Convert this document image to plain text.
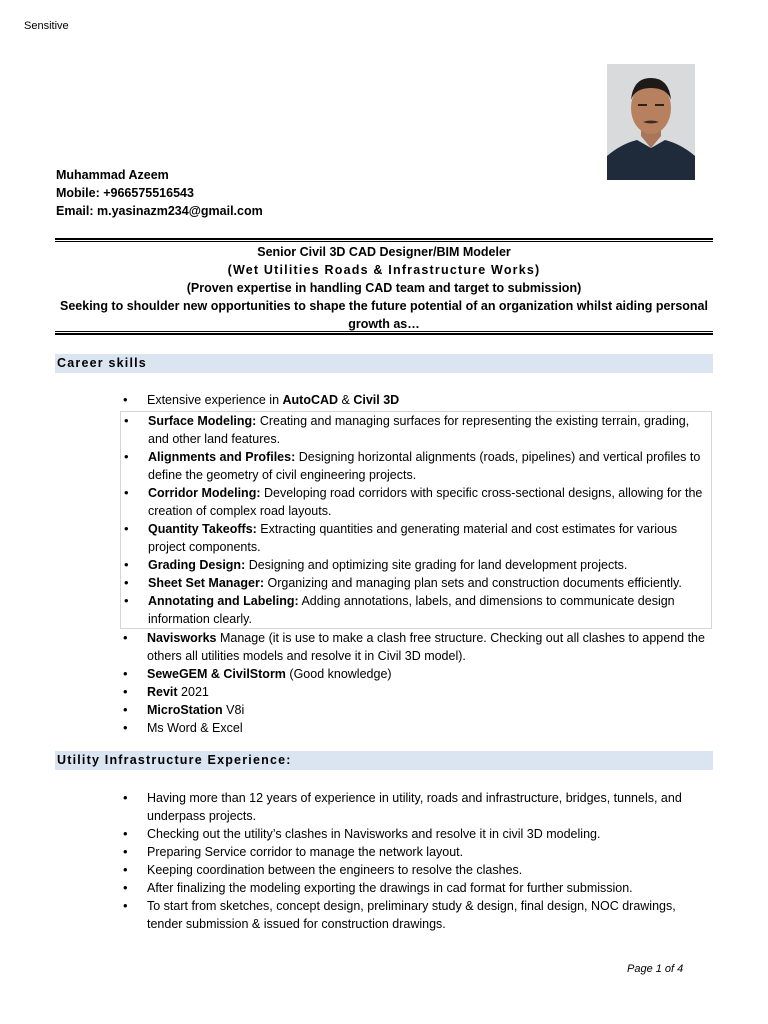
Sensitive
Muhammad Azeem
Mobile: +966575516543
Email: m.yasinazm234@gmail.com
Senior Civil 3D CAD Designer/BIM Modeler
(Wet Utilities Roads & Infrastructure Works)
(Proven expertise in handling CAD team and target to submission)
Seeking to shoulder new opportunities to shape the future potential of an organization whilst aiding personal growth as…
Career skills
• Extensive experience in AutoCAD & Civil 3D
• Surface Modeling: Creating and managing surfaces for representing the existing terrain, grading, and other land features.
• Alignments and Profiles: Designing horizontal alignments (roads, pipelines) and vertical profiles to define the geometry of civil engineering projects.
• Corridor Modeling: Developing road corridors with specific cross-sectional designs, allowing for the creation of complex road layouts.
• Quantity Takeoffs: Extracting quantities and generating material and cost estimates for various project components.
• Grading Design: Designing and optimizing site grading for land development projects.
• Sheet Set Manager: Organizing and managing plan sets and construction documents efficiently.
• Annotating and Labeling: Adding annotations, labels, and dimensions to communicate design information clearly.
• Navisworks Manage (it is use to make a clash free structure. Checking out all clashes to append the others all utilities models and resolve it in Civil 3D model).
• SeweGEM & CivilStorm (Good knowledge)
• Revit 2021
• MicroStation V8i
• Ms Word & Excel
Utility Infrastructure Experience:
• Having more than 12 years of experience in utility, roads and infrastructure, bridges, tunnels, and underpass projects.
• Checking out the utility’s clashes in Navisworks and resolve it in civil 3D modeling.
• Preparing Service corridor to manage the network layout.
• Keeping coordination between the engineers to resolve the clashes.
• After finalizing the modeling exporting the drawings in cad format for further submission.
• To start from sketches, concept design, preliminary study & design, final design, NOC drawings, tender submission & issued for construction drawings.
Page 1 of 4
